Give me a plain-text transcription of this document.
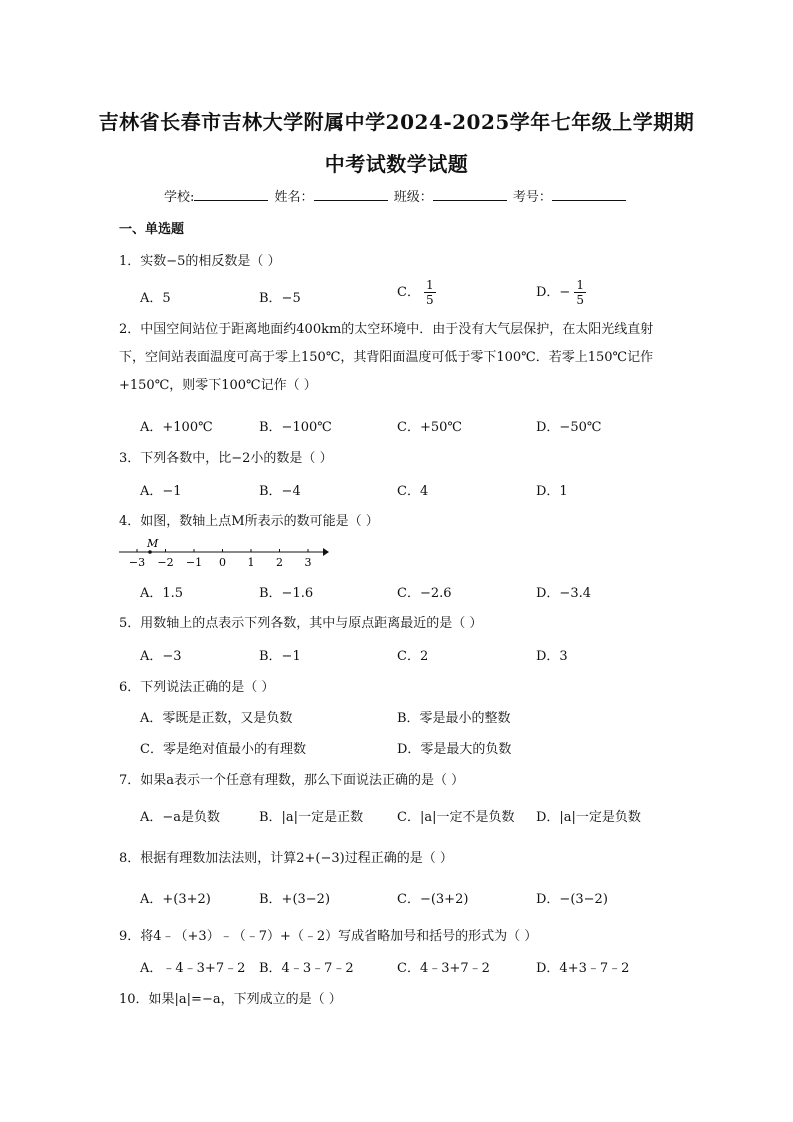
吉林省长春市吉林大学附属中学2024-2025学年七年级上学期期
中考试数学试题
学校:	姓名：	班级：	考号：
一、单选题
1．实数−5的相反数是（ ）
A．5	B．−5	C． $\frac{1}{5}$	D．− $\frac{1}{5}$
2．中国空间站位于距离地面约400km的太空环境中．由于没有大气层保护，在太阳光线直射下，空间站表面温度可高于零上150℃，其背阳面温度可低于零下100℃．若零上150℃记作+150℃，则零下100℃记作（ ）
A．+100℃	B．−100℃	C．+50℃	D．−50℃
3．下列各数中，比−2小的数是（ ）
A．−1	B．−4	C．4	D．1
4．如图，数轴上点M所表示的数可能是（ ）
−3 −2 −1 0 1 2 3
M
A．1.5	B．−1.6	C．−2.6	D．−3.4
5．用数轴上的点表示下列各数，其中与原点距离最近的是（ ）
A．−3	B．−1	C．2	D．3
6．下列说法正确的是（ ）
A．零既是正数，又是负数	B．零是最小的整数
C．零是绝对值最小的有理数	D．零是最大的负数
7．如果a表示一个任意有理数，那么下面说法正确的是（ ）
A．−a是负数	B．|a|一定是正数	C．|a|一定不是负数 D．|a|一定是负数
8．根据有理数加法法则，计算2+(−3)过程正确的是（ ）
A．+(3+2)	B．+(3−2)	C．−(3+2)	D．−(3−2)
9．将4﹣（+3）﹣（﹣7）+（﹣2）写成省略加号和括号的形式为（ ）
A．﹣4﹣3+7﹣2 B．4﹣3﹣7﹣2	C．4﹣3+7﹣2	D．4+3﹣7﹣2
10．如果|a|=−a，下列成立的是（ ）
